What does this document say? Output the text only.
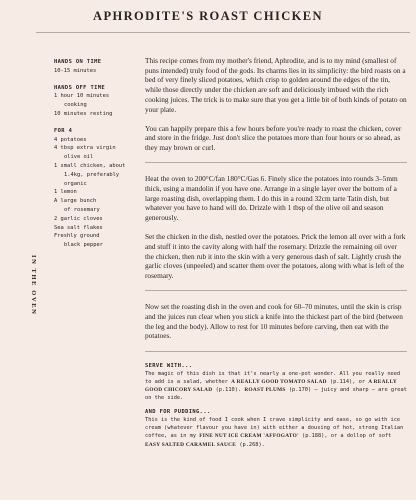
APHRODITE'S ROAST CHICKEN
IN THE OVEN
HANDS ON TIME
10-15 minutes
HANDS OFF TIME
1 hour 10 minutes
cooking
10 minutes resting
FOR 4
4 potatoes
4 tbsp extra virgin
olive oil
1 small chicken, about
1.4kg, preferably
organic
1 lemon
A large bunch
of rosemary
2 garlic cloves
Sea salt flakes
Freshly ground
black pepper

This recipe comes from my mother's friend, Aphrodite, and is to my mind (smallest of puns intended) truly food of the gods. Its charms lies in its simplicity: the bird roasts on a bed of very finely sliced potatoes, which crisp to golden around the edges of the tin, while those directly under the chicken are soft and deliciously imbued with the rich cooking juices. The trick is to make sure that you get a little bit of both kinds of potato on your plate.

You can happily prepare this a few hours before you're ready to roast the chicken, cover and store in the fridge. Just don't slice the potatoes more than four hours or so ahead, as they may brown or curl.

Heat the oven to 200°C/fan 180°C/Gas 6. Finely slice the potatoes into rounds 3–5mm thick, using a mandolin if you have one. Arrange in a single layer over the bottom of a large roasting dish, overlapping them. I do this in a round 32cm tarte Tatin dish, but whatever you have to hand will do. Drizzle with 1 tbsp of the olive oil and season generously.

Set the chicken in the dish, nestled over the potatoes. Prick the lemon all over with a fork and stuff it into the cavity along with half the rosemary. Drizzle the remaining oil over the chicken, then rub it into the skin with a very generous dash of salt. Lightly crush the garlic cloves (unpeeled) and scatter them over the potatoes, along with what is left of the rosemary.

Now set the roasting dish in the oven and cook for 60–70 minutes, until the skin is crisp and the juices run clear when you stick a knife into the thickest part of the bird (between the leg and the body). Allow to rest for 10 minutes before carving, then eat with the potatoes.

SERVE WITH...

The magic of this dish is that it's nearly a one-pot wonder. All you really need to add is a salad, whether A REALLY GOOD TOMATO SALAD (p.114), or A REALLY GOOD CHICORY SALAD (p.110). ROAST PLUMS (p.170) – juicy and sharp – are great on the side.

AND FOR PUDDING...

This is the kind of food I cook when I crave simplicity and ease, so go with ice cream (whatever flavour you have in) with either a dousing of hot, strong Italian coffee, as in my FINE NUT ICE CREAM 'AFFOGATO' (p.188), or a dollop of soft EASY SALTED CARAMEL SAUCE (p.268).
